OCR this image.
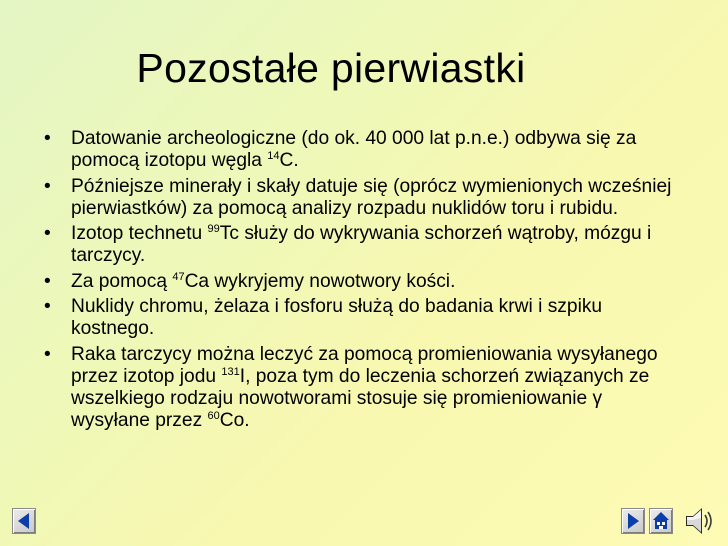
Pozostałe pierwiastki
• Datowanie archeologiczne (do ok. 40 000 lat p.n.e.) odbywa się za pomocą izotopu węgla $^{14}$C.
• Późniejsze minerały i skały datuje się (oprócz wymienionych wcześniej pierwiastków) za pomocą analizy rozpadu nuklidów toru i rubidu.
• Izotop technetu $^{99}$Tc służy do wykrywania schorzeń wątroby, mózgu i tarczycy.
• Za pomocą $^{47}$Ca wykryjemy nowotwory kości.
• Nuklidy chromu, żelaza i fosforu służą do badania krwi i szpiku kostnego.
• Raka tarczycy można leczyć za pomocą promieniowania wysyłanego przez izotop jodu $^{131}$I, poza tym do leczenia schorzeń związanych ze wszelkiego rodzaju nowotworami stosuje się promieniowanie γ wysyłane przez $^{60}$Co.
